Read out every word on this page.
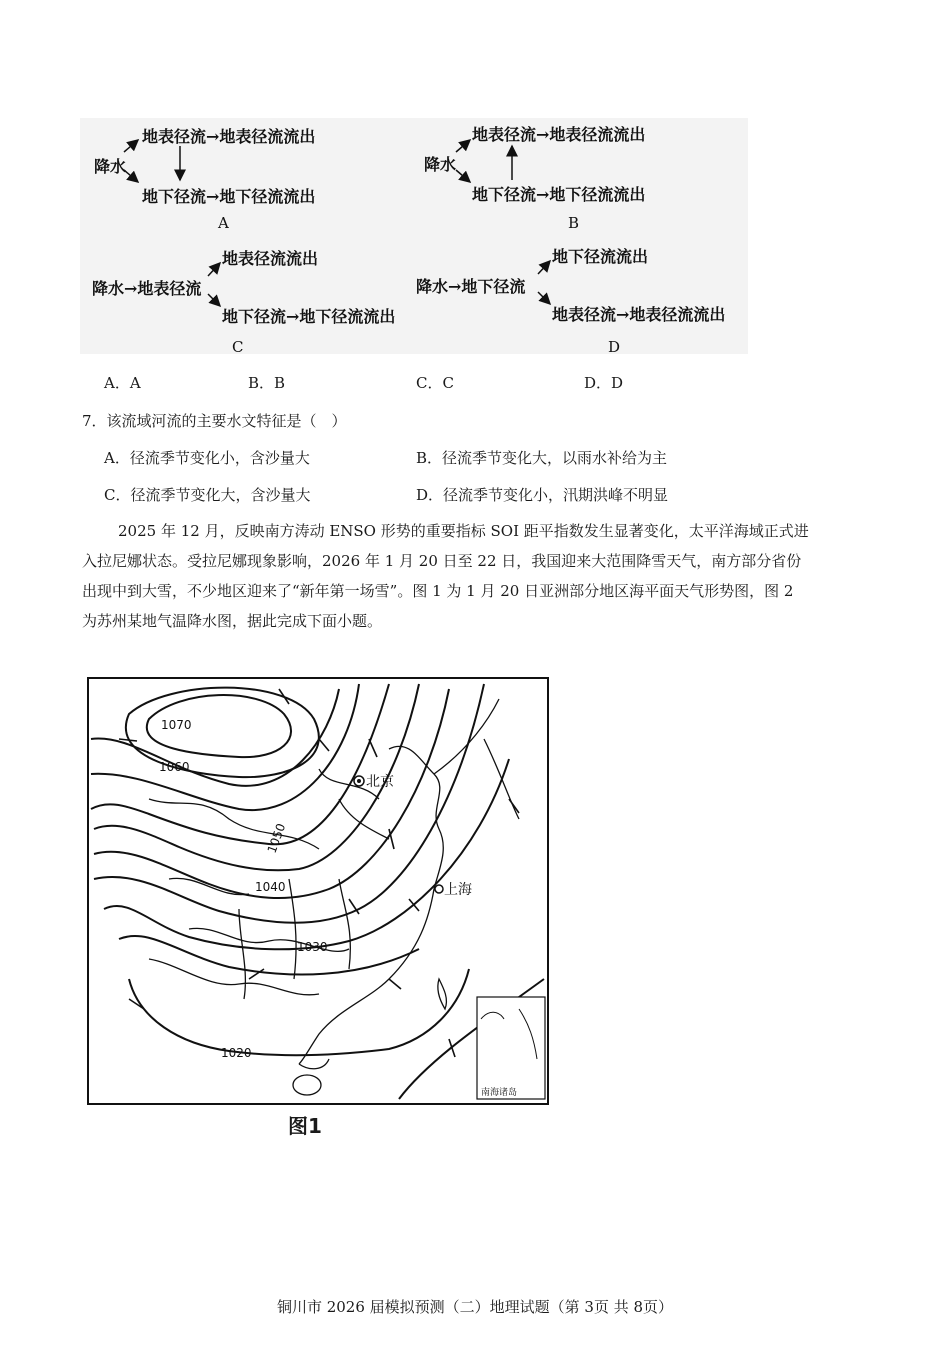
降水
地表径流→地表径流流出
地下径流→地下径流流出
A
降水
地表径流→地表径流流出
地下径流→地下径流流出
B
降水→地表径流
地表径流流出
地下径流→地下径流流出
C
降水→地下径流
地下径流流出
地表径流→地表径流流出
D
A．A	B．B	C．C	D．D
7．该流域河流的主要水文特征是（　）
A．径流季节变化小，含沙量大	B．径流季节变化大，以雨水补给为主
C．径流季节变化大，含沙量大	D．径流季节变化小，汛期洪峰不明显

2025 年 12 月，反映南方涛动 ENSO 形势的重要指标 SOI 距平指数发生显著变化，太平洋海域正式进

入拉尼娜状态。受拉尼娜现象影响，2026 年 1 月 20 日至 22 日，我国迎来大范围降雪天气，南方部分省份

出现中到大雪，不少地区迎来了“新年第一场雪”。图 1 为 1 月 20 日亚洲部分地区海平面天气形势图，图 2

为苏州某地气温降水图，据此完成下面小题。

1070
1060
1050
1040
1030
1020
北京
上海
南海诸岛
图1
铜川市 2026 届模拟预测（二）地理试题（第 3页 共 8页）
